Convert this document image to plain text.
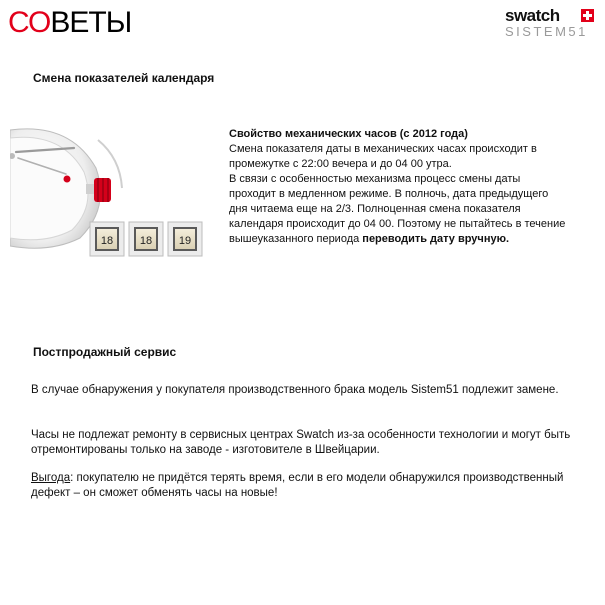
СОВЕТЫ	swatch
SISTEM51
Смена показателей календаря
18 18 19

Свойство механических часов (с 2012 года)

Смена показателя даты в механических часах происходит в

промежутке с 22:00 вечера и до 04 00 утра.

В связи с особенностью механизма процесс смены даты

проходит в медленном режиме. В полночь, дата предыдущего

дня читаема еще на 2/3. Полноценная смена показателя

календаря происходит до 04 00. Поэтому не пытайтесь в течение

вышеуказанного периода переводить дату вручную.

Постпродажный сервис

В случае обнаружения у покупателя производственного брака модель Sistem51 подлежит замене.

Часы не подлежат ремонту в сервисных центрах Swatch из-за особенности технологии и могут быть отремонтированы только на заводе - изготовителе в Швейцарии.

Выгода: покупателю не придётся терять время, если в его модели обнаружился производственный дефект – он сможет обменять часы на новые!
